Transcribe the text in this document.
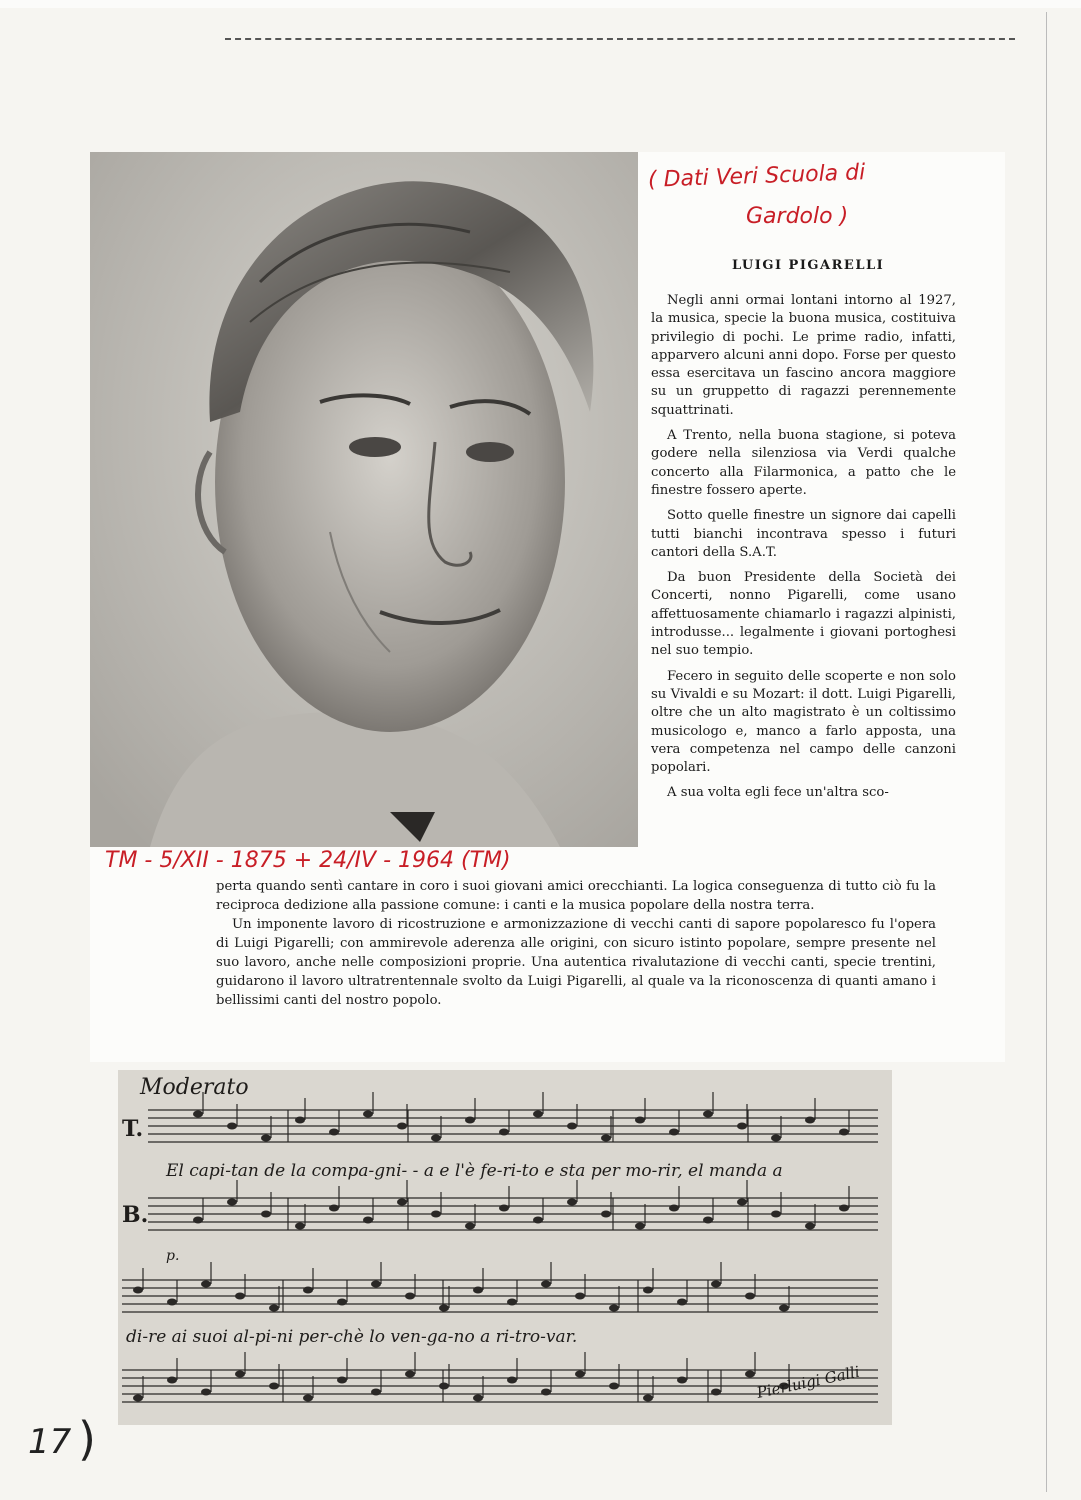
( Dati Veri Scuola di
Gardolo )
TM - 5/XII - 1875 + 24/IV - 1964 (TM)
LUIGI PIGARELLI

Negli anni ormai lontani intorno al 1927, la musica, specie la buona musica, costituiva privilegio di pochi. Le prime radio, infatti, apparvero alcuni anni dopo. Forse per questo essa esercitava un fascino ancora maggiore su un gruppetto di ragazzi perennemente squattrinati.

A Trento, nella buona stagione, si poteva godere nella silenziosa via Verdi qualche concerto alla Filarmonica, a patto che le finestre fossero aperte.

Sotto quelle finestre un signore dai capelli tutti bianchi incontrava spesso i futuri cantori della S.A.T.

Da buon Presidente della Società dei Concerti, nonno Pigarelli, come usano affettuosamente chiamarlo i ragazzi alpinisti, introdusse... legalmente i giovani portoghesi nel suo tempio.

Fecero in seguito delle scoperte e non solo su Vivaldi e su Mozart: il dott. Luigi Pigarelli, oltre che un alto magistrato è un coltissimo musicologo e, manco a farlo apposta, una vera competenza nel campo delle canzoni popolari.

A sua volta egli fece un'altra sco-

perta quando sentì cantare in coro i suoi giovani amici orecchianti. La logica conseguenza di tutto ciò fu la reciproca dedizione alla passione comune: i canti e la musica popolare della nostra terra.

Un imponente lavoro di ricostruzione e armonizzazione di vecchi canti di sapore popolaresco fu l'opera di Luigi Pigarelli; con ammirevole aderenza alle origini, con sicuro istinto popolare, sempre presente nel suo lavoro, anche nelle composizioni proprie. Una autentica rivalutazione di vecchi canti, specie trentini, guidarono il lavoro ultratrentennale svolto da Luigi Pigarelli, al quale va la riconoscenza di quanti amano i bellissimi canti del nostro popolo.

Moderato
T.
B.
p.
El capi-tan de la compa-gni- - a e l'è fe-ri-to e sta per mo-rir, el manda a
di-re ai suoi al-pi-ni per-chè lo ven-ga-no a ri-tro-var.
Pierluigi Galli
17 )
